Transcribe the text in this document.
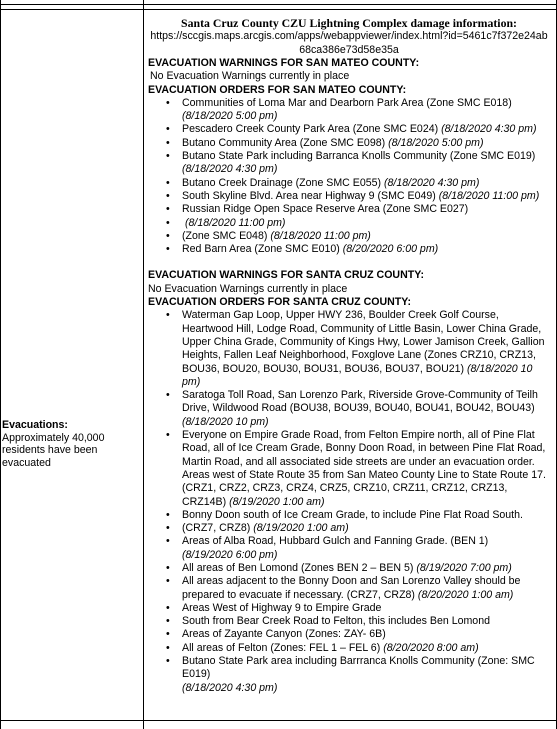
Evacuations:
Approximately 40,000 residents have been evacuated
Santa Cruz County CZU Lightning Complex damage information:
https://sccgis.maps.arcgis.com/apps/webappviewer/index.html?id=5461c7f372e24ab
68ca386e73d58e35a
EVACUATION WARNINGS FOR SAN MATEO COUNTY:
No Evacuation Warnings currently in place
EVACUATION ORDERS FOR SAN MATEO COUNTY:
• Communities of Loma Mar and Dearborn Park Area (Zone SMC E018)
(8/18/2020 5:00 pm)
• Pescadero Creek County Park Area (Zone SMC E024) (8/18/2020 4:30 pm)
• Butano Community Area (Zone SMC E098) (8/18/2020 5:00 pm)
• Butano State Park including Barranca Knolls Community (Zone SMC E019)
(8/18/2020 4:30 pm)
• Butano Creek Drainage (Zone SMC E055) (8/18/2020 4:30 pm)
• South Skyline Blvd. Area near Highway 9 (SMC E049) (8/18/2020 11:00 pm)
• Russian Ridge Open Space Reserve Area (Zone SMC E027)
• (8/18/2020 11:00 pm)
• (Zone SMC E048) (8/18/2020 11:00 pm)
• Red Barn Area (Zone SMC E010) (8/20/2020 6:00 pm)
EVACUATION WARNINGS FOR SANTA CRUZ COUNTY:
No Evacuation Warnings currently in place
EVACUATION ORDERS FOR SANTA CRUZ COUNTY:
• Waterman Gap Loop, Upper HWY 236, Boulder Creek Golf Course, Heartwood Hill, Lodge Road, Community of Little Basin, Lower China Grade, Upper China Grade, Community of Kings Hwy, Lower Jamison Creek, Gallion Heights, Fallen Leaf Neighborhood, Foxglove Lane (Zones CRZ10, CRZ13, BOU36, BOU20, BOU30, BOU31, BOU36, BOU37, BOU21) (8/18/2020 10 pm)
• Saratoga Toll Road, San Lorenzo Park, Riverside Grove-Community of Teilh Drive, Wildwood Road (BOU38, BOU39, BOU40, BOU41, BOU42, BOU43)
(8/18/2020 10 pm)
• Everyone on Empire Grade Road, from Felton Empire north, all of Pine Flat Road, all of Ice Cream Grade, Bonny Doon Road, in between Pine Flat Road, Martin Road, and all associated side streets are under an evacuation order. Areas west of State Route 35 from San Mateo County Line to State Route 17. (CRZ1, CRZ2, CRZ3, CRZ4, CRZ5, CRZ10, CRZ11, CRZ12, CRZ13, CRZ14B) (8/19/2020 1:00 am)
• Bonny Doon south of Ice Cream Grade, to include Pine Flat Road South.
• (CRZ7, CRZ8) (8/19/2020 1:00 am)
• Areas of Alba Road, Hubbard Gulch and Fanning Grade. (BEN 1)
(8/19/2020 6:00 pm)
• All areas of Ben Lomond (Zones BEN 2 – BEN 5) (8/19/2020 7:00 pm)
• All areas adjacent to the Bonny Doon and San Lorenzo Valley should be prepared to evacuate if necessary. (CRZ7, CRZ8) (8/20/2020 1:00 am)
• Areas West of Highway 9 to Empire Grade
• South from Bear Creek Road to Felton, this includes Ben Lomond
• Areas of Zayante Canyon (Zones: ZAY- 6B)
• All areas of Felton (Zones: FEL 1 – FEL 6) (8/20/2020 8:00 am)
• Butano State Park area including Barrranca Knolls Community (Zone: SMC E019)
(8/18/2020 4:30 pm)
